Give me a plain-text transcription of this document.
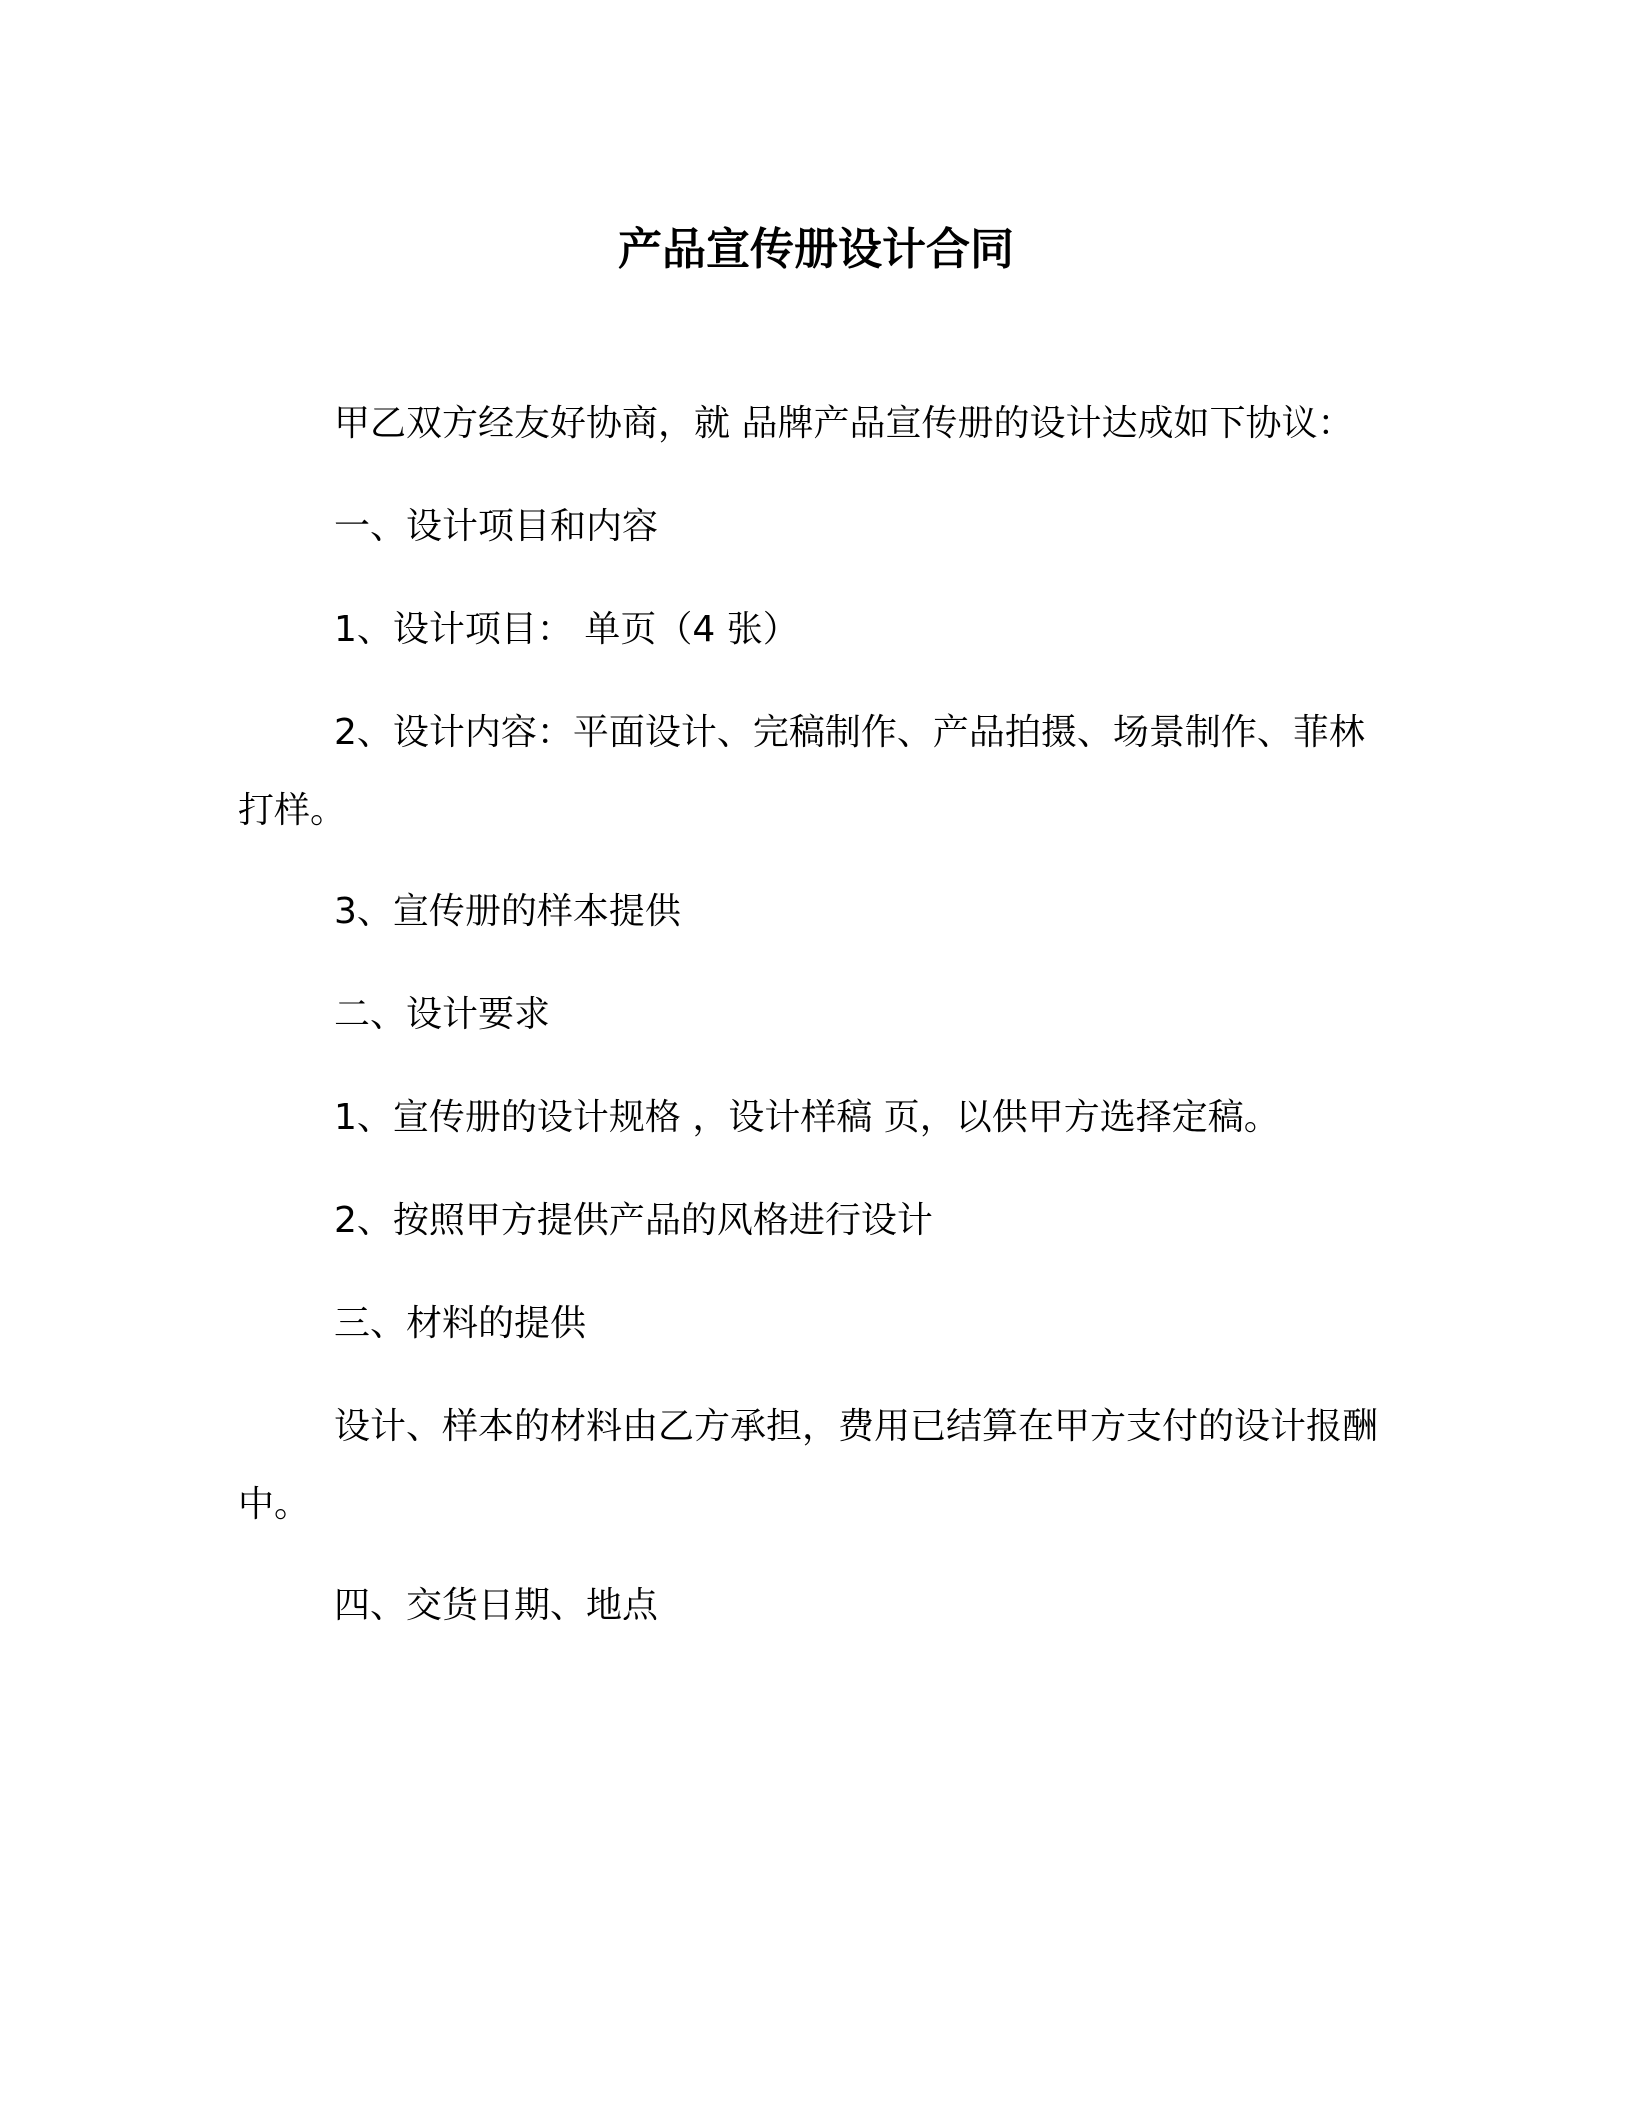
产品宣传册设计合同
甲乙双方经友好协商，就 品牌产品宣传册的设计达成如下协议：
一、设计项目和内容
1、设计项目： 单页（4 张）
2、设计内容：平面设计、完稿制作、产品拍摄、场景制作、菲林打样。
3、宣传册的样本提供
二、设计要求
1、宣传册的设计规格 ，设计样稿 页，以供甲方选择定稿。
2、按照甲方提供产品的风格进行设计
三、材料的提供
设计、样本的材料由乙方承担，费用已结算在甲方支付的设计报酬中。
四、交货日期、地点
